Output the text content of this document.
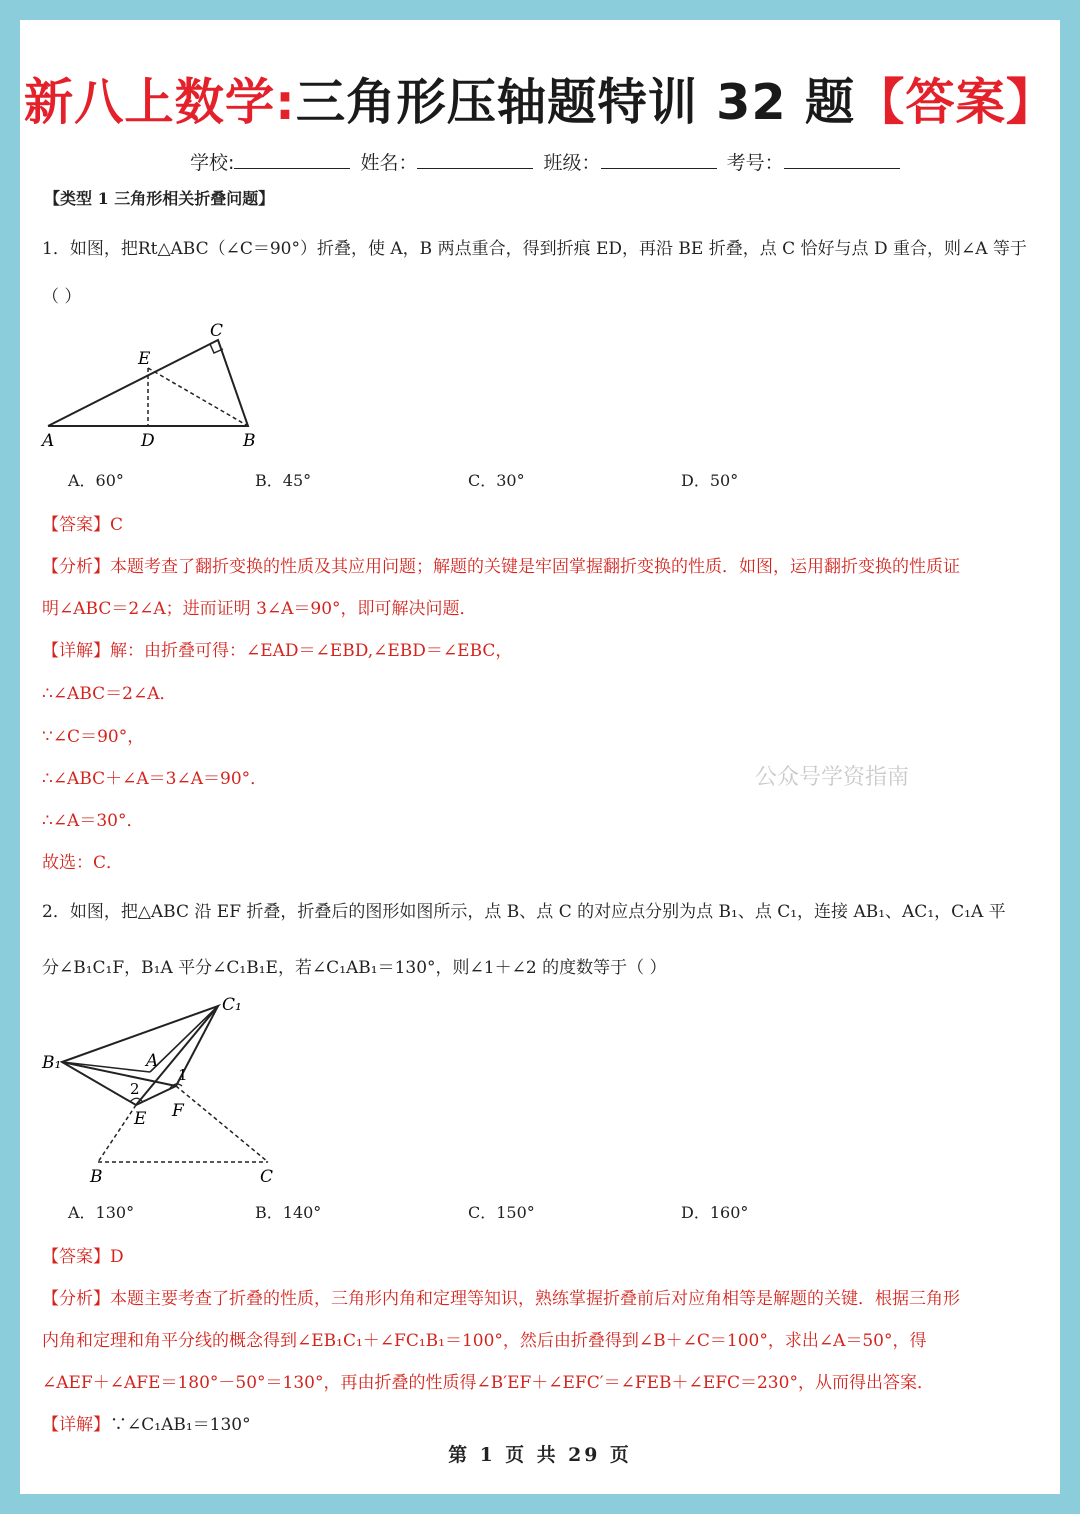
新八上数学:三角形压轴题特训 32 题【答案】
学校:	姓名：	班级：	考号：
【类型 1 三角形相关折叠问题】
1．如图，把Rt△ABC（∠C＝90°）折叠，使 A，B 两点重合，得到折痕 ED，再沿 BE 折叠，点 C 恰好与点 D 重合，则∠A 等于
（ ）
A	D	B
C
E
A．60°	B．45°	C．30°	D．50°
【答案】C
【分析】本题考查了翻折变换的性质及其应用问题；解题的关键是牢固掌握翻折变换的性质．如图，运用翻折变换的性质证
明∠ABC＝2∠A；进而证明 3∠A＝90°，即可解决问题．
【详解】解：由折叠可得：∠EAD＝∠EBD,∠EBD＝∠EBC，
∴∠ABC＝2∠A．
∵∠C＝90°，
∴∠ABC＋∠A＝3∠A＝90°．
∴∠A＝30°．
故选：C．
公众号学资指南
2．如图，把△ABC 沿 EF 折叠，折叠后的图形如图所示，点 B、点 C 的对应点分别为点 B₁、点 C₁，连接 AB₁、AC₁，C₁A 平
分∠B₁C₁F，B₁A 平分∠C₁B₁E，若∠C₁AB₁＝130°，则∠1＋∠2 的度数等于（ ）
C₁
B₁	A
1
2
E F
B	C
A．130°	B．140°	C．150°	D．160°
【答案】D
【分析】本题主要考查了折叠的性质，三角形内角和定理等知识，熟练掌握折叠前后对应角相等是解题的关键．根据三角形
内角和定理和角平分线的概念得到∠EB₁C₁＋∠FC₁B₁＝100°，然后由折叠得到∠B＋∠C＝100°，求出∠A＝50°，得
∠AEF＋∠AFE＝180°－50°＝130°，再由折叠的性质得∠B′EF＋∠EFC′＝∠FEB＋∠EFC＝230°，从而得出答案．
【详解】∵∠C₁AB₁＝130°
第 1 页 共 29 页
